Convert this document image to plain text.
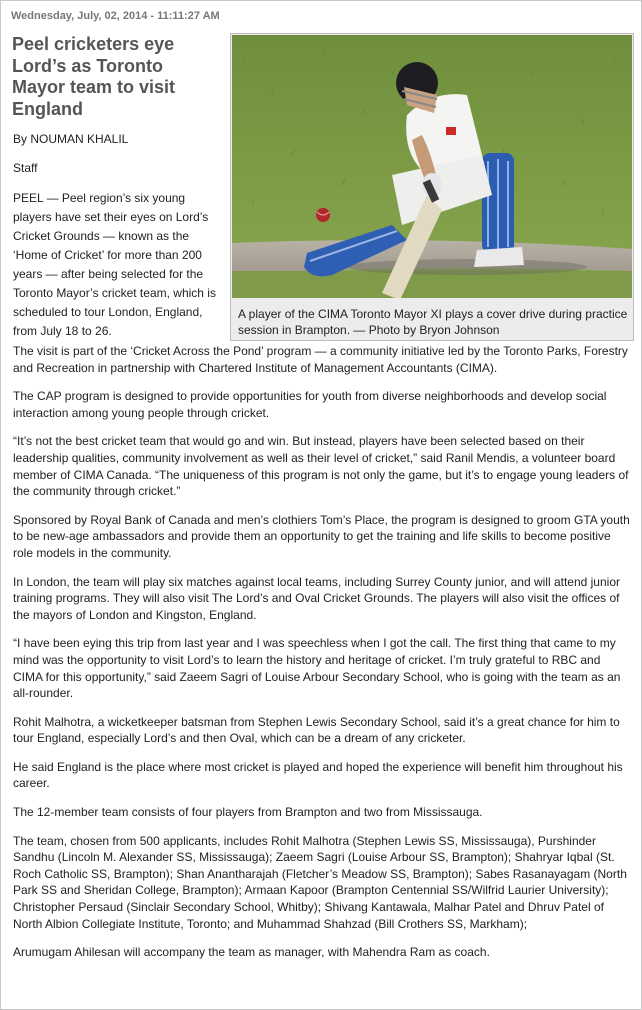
Wednesday, July, 02, 2014 - 11:11:27 AM
Peel cricketers eye Lord’s as Toronto Mayor team to visit England
A player of the CIMA Toronto Mayor XI plays a cover drive during practice session in Brampton. — Photo by Bryon Johnson
By NOUMAN KHALIL
Staff

PEEL — Peel region’s six young players have set their eyes on Lord’s Cricket Grounds — known as the ‘Home of Cricket’ for more than 200 years — after being selected for the Toronto Mayor’s cricket team, which is scheduled to tour London, England, from July 18 to 26.

The visit is part of the ‘Cricket Across the Pond’ program — a community initiative led by the Toronto Parks, Forestry and Recreation in partnership with Chartered Institute of Management Accountants (CIMA).

The CAP program is designed to provide opportunities for youth from diverse neighborhoods and develop social interaction among young people through cricket.

“It’s not the best cricket team that would go and win. But instead, players have been selected based on their leadership qualities, community involvement as well as their level of cricket,” said Ranil Mendis, a volunteer board member of CIMA Canada. “The uniqueness of this program is not only the game, but it’s to engage young leaders of the community through cricket.”

Sponsored by Royal Bank of Canada and men’s clothiers Tom’s Place, the program is designed to groom GTA youth to be new-age ambassadors and provide them an opportunity to get the training and life skills to become positive role models in the community.

In London, the team will play six matches against local teams, including Surrey County junior, and will attend junior training programs. They will also visit The Lord’s and Oval Cricket Grounds. The players will also visit the offices of the mayors of London and Kingston, England.

“I have been eying this trip from last year and I was speechless when I got the call. The first thing that came to my mind was the opportunity to visit Lord’s to learn the history and heritage of cricket. I’m truly grateful to RBC and CIMA for this opportunity,” said Zaeem Sagri of Louise Arbour Secondary School, who is going with the team as an all-rounder.

Rohit Malhotra, a wicketkeeper batsman from Stephen Lewis Secondary School, said it’s a great chance for him to tour England, especially Lord’s and then Oval, which can be a dream of any cricketer.

He said England is the place where most cricket is played and hoped the experience will benefit him throughout his career.

The 12-member team consists of four players from Brampton and two from Mississauga.

The team, chosen from 500 applicants, includes Rohit Malhotra (Stephen Lewis SS, Mississauga), Purshinder Sandhu (Lincoln M. Alexander SS, Mississauga); Zaeem Sagri (Louise Arbour SS, Brampton); Shahryar Iqbal (St. Roch Catholic SS, Brampton); Shan Anantharajah (Fletcher’s Meadow SS, Brampton); Sabes Rasanayagam (North Park SS and Sheridan College, Brampton); Armaan Kapoor (Brampton Centennial SS/Wilfrid Laurier University); Christopher Persaud (Sinclair Secondary School, Whitby); Shivang Kantawala, Malhar Patel and Dhruv Patel of North Albion Collegiate Institute, Toronto; and Muhammad Shahzad (Bill Crothers SS, Markham);

Arumugam Ahilesan will accompany the team as manager, with Mahendra Ram as coach.
